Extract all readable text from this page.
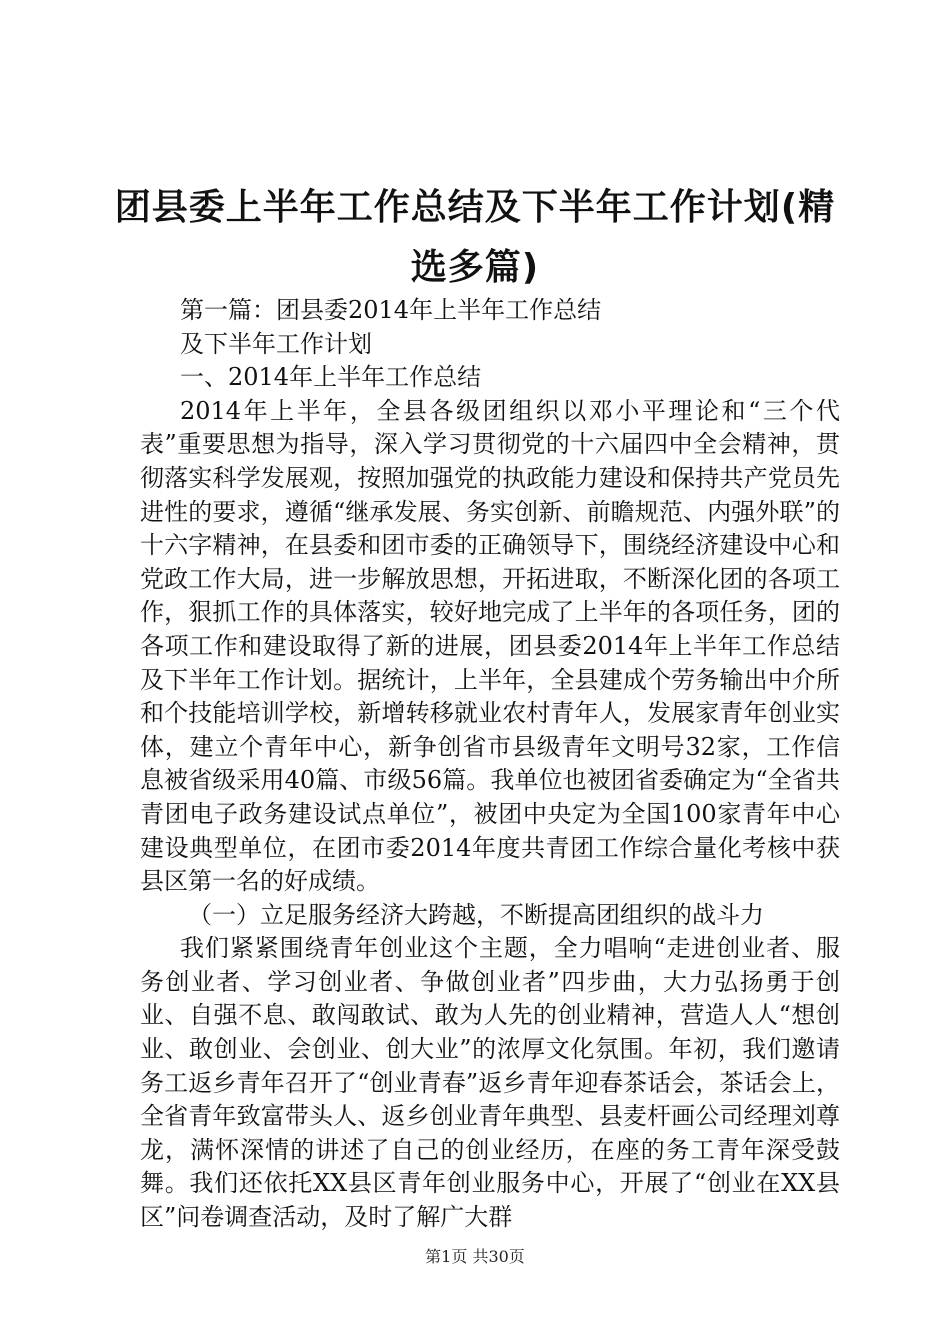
团县委上半年工作总结及下半年工作计划(精选多篇)

第一篇：团县委2014年上半年工作总结

及下半年工作计划

一、2014年上半年工作总结

2014年上半年，全县各级团组织以邓小平理论和“三个代表”重要思想为指导，深入学习贯彻党的十六届四中全会精神，贯彻落实科学发展观，按照加强党的执政能力建设和保持共产党员先进性的要求，遵循“继承发展、务实创新、前瞻规范、内强外联”的十六字精神，在县委和团市委的正确领导下，围绕经济建设中心和党政工作大局，进一步解放思想，开拓进取，不断深化团的各项工作，狠抓工作的具体落实，较好地完成了上半年的各项任务，团的各项工作和建设取得了新的进展，团县委2014年上半年工作总结及下半年工作计划。据统计，上半年，全县建成个劳务输出中介所和个技能培训学校，新增转移就业农村青年人，发展家青年创业实体，建立个青年中心，新争创省市县级青年文明号32家，工作信息被省级采用40篇、市级56篇。我单位也被团省委确定为“全省共青团电子政务建设试点单位”，被团中央定为全国100家青年中心建设典型单位，在团市委2014年度共青团工作综合量化考核中获县区第一名的好成绩。

（一）立足服务经济大跨越，不断提高团组织的战斗力

我们紧紧围绕青年创业这个主题，全力唱响“走进创业者、服务创业者、学习创业者、争做创业者”四步曲，大力弘扬勇于创业、自强不息、敢闯敢试、敢为人先的创业精神，营造人人“想创业、敢创业、会创业、创大业”的浓厚文化氛围。年初，我们邀请务工返乡青年召开了“创业青春”返乡青年迎春茶话会，茶话会上，全省青年致富带头人、返乡创业青年典型、县麦杆画公司经理刘尊龙，满怀深情的讲述了自己的创业经历，在座的务工青年深受鼓舞。我们还依托XX县区青年创业服务中心，开展了“创业在XX县区”问卷调查活动，及时了解广大群

第1页 共30页
